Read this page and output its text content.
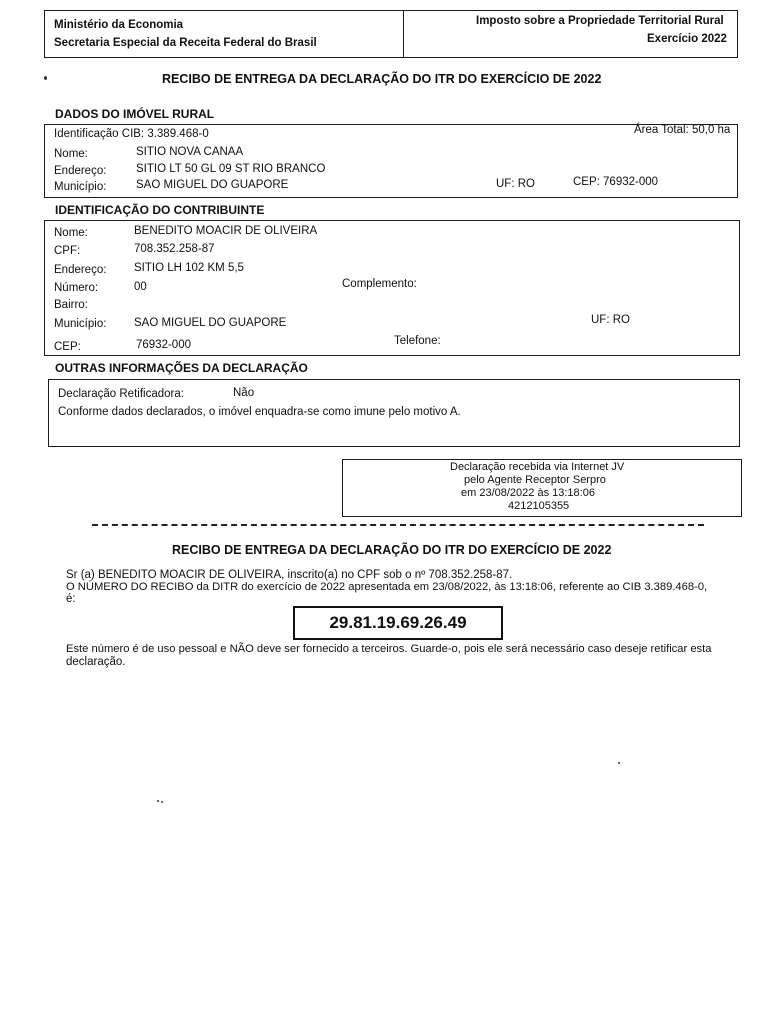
Ministério da Economia
Secretaria Especial da Receita Federal do Brasil
Imposto sobre a Propriedade Territorial Rural
Exercício 2022
RECIBO DE ENTREGA DA DECLARAÇÃO DO ITR DO EXERCÍCIO DE 2022
DADOS DO IMÓVEL RURAL
Identificação CIB: 3.389.468-0	Área Total: 50,0 ha
Nome:	SITIO NOVA CANAA
Endereço:	SITIO LT 50 GL 09 ST RIO BRANCO
Município:	SAO MIGUEL DO GUAPORE	UF: RO	CEP: 76932-000
IDENTIFICAÇÃO DO CONTRIBUINTE
Nome:	BENEDITO MOACIR DE OLIVEIRA
CPF:	708.352.258-87
Endereço: SITIO LH 102 KM 5,5
Número:	00	Complemento:
Bairro:
Município: SAO MIGUEL DO GUAPORE	UF: RO
CEP:	76932-000	Telefone:
OUTRAS INFORMAÇÕES DA DECLARAÇÃO
Declaração Retificadora:	Não
Conforme dados declarados, o imóvel enquadra-se como imune pelo motivo A.
Declaração recebida via Internet JV
pelo Agente Receptor Serpro
em 23/08/2022 às 13:18:06
4212105355
RECIBO DE ENTREGA DA DECLARAÇÃO DO ITR DO EXERCÍCIO DE 2022
Sr (a) BENEDITO MOACIR DE OLIVEIRA, inscrito(a) no CPF sob o nº 708.352.258-87.
O NÚMERO DO RECIBO da DITR do exercício de 2022 apresentada em 23/08/2022, às 13:18:06, referente ao CIB 3.389.468-0,
é:
29.81.19.69.26.49
Este número é de uso pessoal e NÃO deve ser fornecido a terceiros. Guarde-o, pois ele será necessário caso deseje retificar esta
declaração.
